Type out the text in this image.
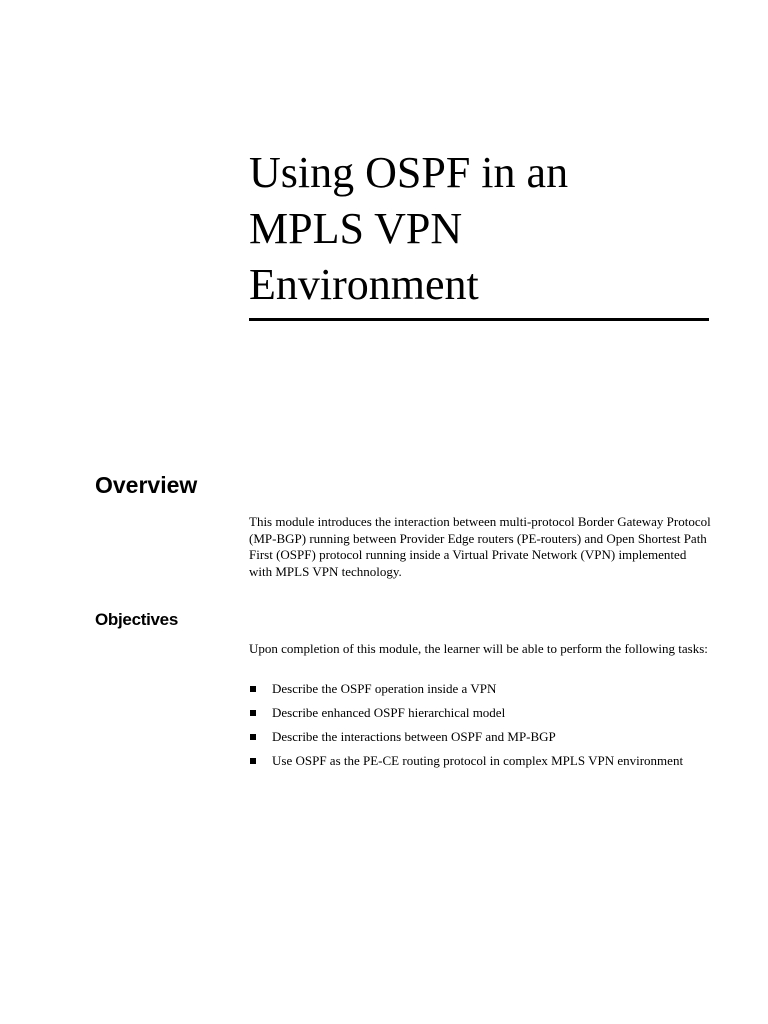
Using OSPF in an
MPLS VPN
Environment
Overview

This module introduces the interaction between multi-protocol Border Gateway Protocol (MP-BGP) running between Provider Edge routers (PE-routers) and Open Shortest Path First (OSPF) protocol running inside a Virtual Private Network (VPN) implemented with MPLS VPN technology.

Objectives

Upon completion of this module, the learner will be able to perform the following tasks:

Describe the OSPF operation inside a VPN
Describe enhanced OSPF hierarchical model
Describe the interactions between OSPF and MP-BGP
Use OSPF as the PE-CE routing protocol in complex MPLS VPN environment
